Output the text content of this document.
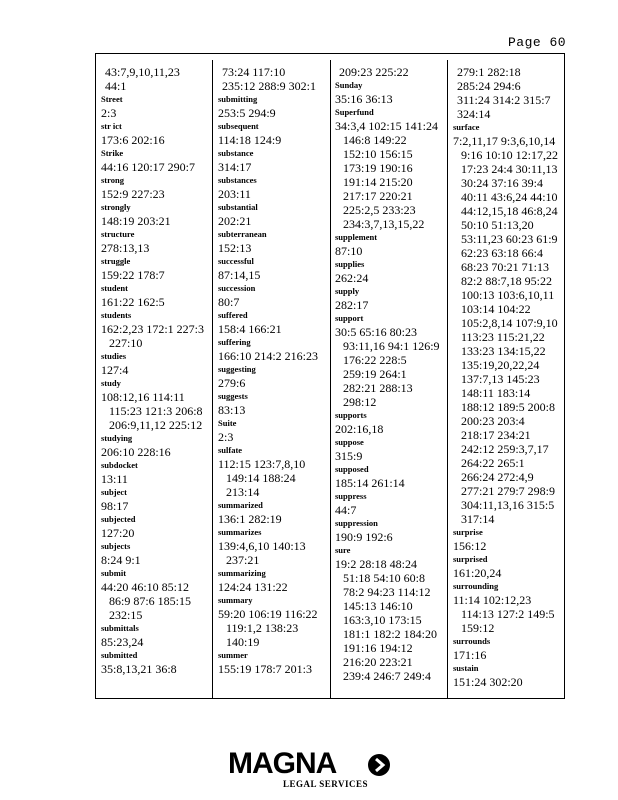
Page 60
43:7,9,10,11,23
44:1
Street
2:3
str ict
173:6 202:16
Strike
44:16 120:17 290:7
strong
152:9 227:23
strongly
148:19 203:21
structure
278:13,13
struggle
159:22 178:7
student
161:22 162:5
students
162:2,23 172:1 227:3
227:10
studies
127:4
study
108:12,16 114:11
115:23 121:3 206:8
206:9,11,12 225:12
studying
206:10 228:16
subdocket
13:11
subject
98:17
subjected
127:20
subjects
8:24 9:1
submit
44:20 46:10 85:12
86:9 87:6 185:15
232:15
submittals
85:23,24
submitted
35:8,13,21 36:8
73:24 117:10
235:12 288:9 302:1
submitting
253:5 294:9
subsequent
114:18 124:9
substance
314:17
substances
203:11
substantial
202:21
subterranean
152:13
successful
87:14,15
succession
80:7
suffered
158:4 166:21
suffering
166:10 214:2 216:23
suggesting
279:6
suggests
83:13
Suite
2:3
sulfate
112:15 123:7,8,10
149:14 188:24
213:14
summarized
136:1 282:19
summarizes
139:4,6,10 140:13
237:21
summarizing
124:24 131:22
summary
59:20 106:19 116:22
119:1,2 138:23
140:19
summer
155:19 178:7 201:3
209:23 225:22
Sunday
35:16 36:13
Superfund
34:3,4 102:15 141:24
146:8 149:22
152:10 156:15
173:19 190:16
191:14 215:20
217:17 220:21
225:2,5 233:23
234:3,7,13,15,22
supplement
87:10
supplies
262:24
supply
282:17
support
30:5 65:16 80:23
93:11,16 94:1 126:9
176:22 228:5
259:19 264:1
282:21 288:13
298:12
supports
202:16,18
suppose
315:9
supposed
185:14 261:14
suppress
44:7
suppression
190:9 192:6
sure
19:2 28:18 48:24
51:18 54:10 60:8
78:2 94:23 114:12
145:13 146:10
163:3,10 173:15
181:1 182:2 184:20
191:16 194:12
216:20 223:21
239:4 246:7 249:4
279:1 282:18
285:24 294:6
311:24 314:2 315:7
324:14
surface
7:2,11,17 9:3,6,10,14
9:16 10:10 12:17,22
17:23 24:4 30:11,13
30:24 37:16 39:4
40:11 43:6,24 44:10
44:12,15,18 46:8,24
50:10 51:13,20
53:11,23 60:23 61:9
62:23 63:18 66:4
68:23 70:21 71:13
82:2 88:7,18 95:22
100:13 103:6,10,11
103:14 104:22
105:2,8,14 107:9,10
113:23 115:21,22
133:23 134:15,22
135:19,20,22,24
137:7,13 145:23
148:11 183:14
188:12 189:5 200:8
200:23 203:4
218:17 234:21
242:12 259:3,7,17
264:22 265:1
266:24 272:4,9
277:21 279:7 298:9
304:11,13,16 315:5
317:14
surprise
156:12
surprised
161:20,24
surrounding
11:14 102:12,23
114:13 127:2 149:5
159:12
surrounds
171:16
sustain
151:24 302:20
MAGNA
LEGAL SERVICES
